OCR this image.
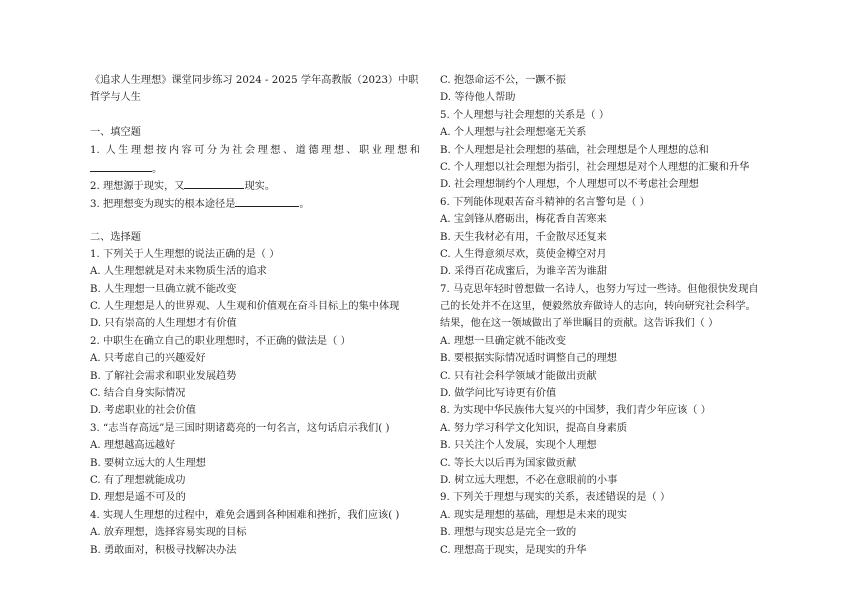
《追求人生理想》课堂同步练习 2024 - 2025 学年高教版（2023）中职
哲学与人生
一、填空题
1. 人生理想按内容可分为社会理想、道德理想、职业理想和
。
2. 理想源于现实，又	现实。
3. 把理想变为现实的根本途径是	。
二、选择题
1. 下列关于人生理想的说法正确的是（ ）
A. 人生理想就是对未来物质生活的追求
B. 人生理想一旦确立就不能改变
C. 人生理想是人的世界观、人生观和价值观在奋斗目标上的集中体现
D. 只有崇高的人生理想才有价值
2. 中职生在确立自己的职业理想时，不正确的做法是（ ）
A. 只考虑自己的兴趣爱好
B. 了解社会需求和职业发展趋势
C. 结合自身实际情况
D. 考虑职业的社会价值
3. “志当存高远”是三国时期诸葛亮的一句名言，这句话启示我们( )
A. 理想越高远越好
B. 要树立远大的人生理想
C. 有了理想就能成功
D. 理想是遥不可及的
4. 实现人生理想的过程中，难免会遇到各种困难和挫折，我们应该( )
A. 放弃理想，选择容易实现的目标
B. 勇敢面对，积极寻找解决办法
C. 抱怨命运不公，一蹶不振
D. 等待他人帮助
5. 个人理想与社会理想的关系是（ ）
A. 个人理想与社会理想毫无关系
B. 个人理想是社会理想的基础，社会理想是个人理想的总和
C. 个人理想以社会理想为指引，社会理想是对个人理想的汇聚和升华
D. 社会理想制约个人理想，个人理想可以不考虑社会理想
6. 下列能体现艰苦奋斗精神的名言警句是（ ）
A. 宝剑锋从磨砺出，梅花香自苦寒来
B. 天生我材必有用，千金散尽还复来
C. 人生得意须尽欢，莫使金樽空对月
D. 采得百花成蜜后，为谁辛苦为谁甜
7. 马克思年轻时曾想做一名诗人，也努力写过一些诗。但他很快发现自
己的长处并不在这里，便毅然放弃做诗人的志向，转向研究社会科学。
结果，他在这一领域做出了举世瞩目的贡献。这告诉我们（ ）
A. 理想一旦确定就不能改变
B. 要根据实际情况适时调整自己的理想
C. 只有社会科学领域才能做出贡献
D. 做学问比写诗更有价值
8. 为实现中华民族伟大复兴的中国梦，我们青少年应该（ ）
A. 努力学习科学文化知识，提高自身素质
B. 只关注个人发展，实现个人理想
C. 等长大以后再为国家做贡献
D. 树立远大理想，不必在意眼前的小事
9. 下列关于理想与现实的关系，表述错误的是（ ）
A. 现实是理想的基础，理想是未来的现实
B. 理想与现实总是完全一致的
C. 理想高于现实，是现实的升华
